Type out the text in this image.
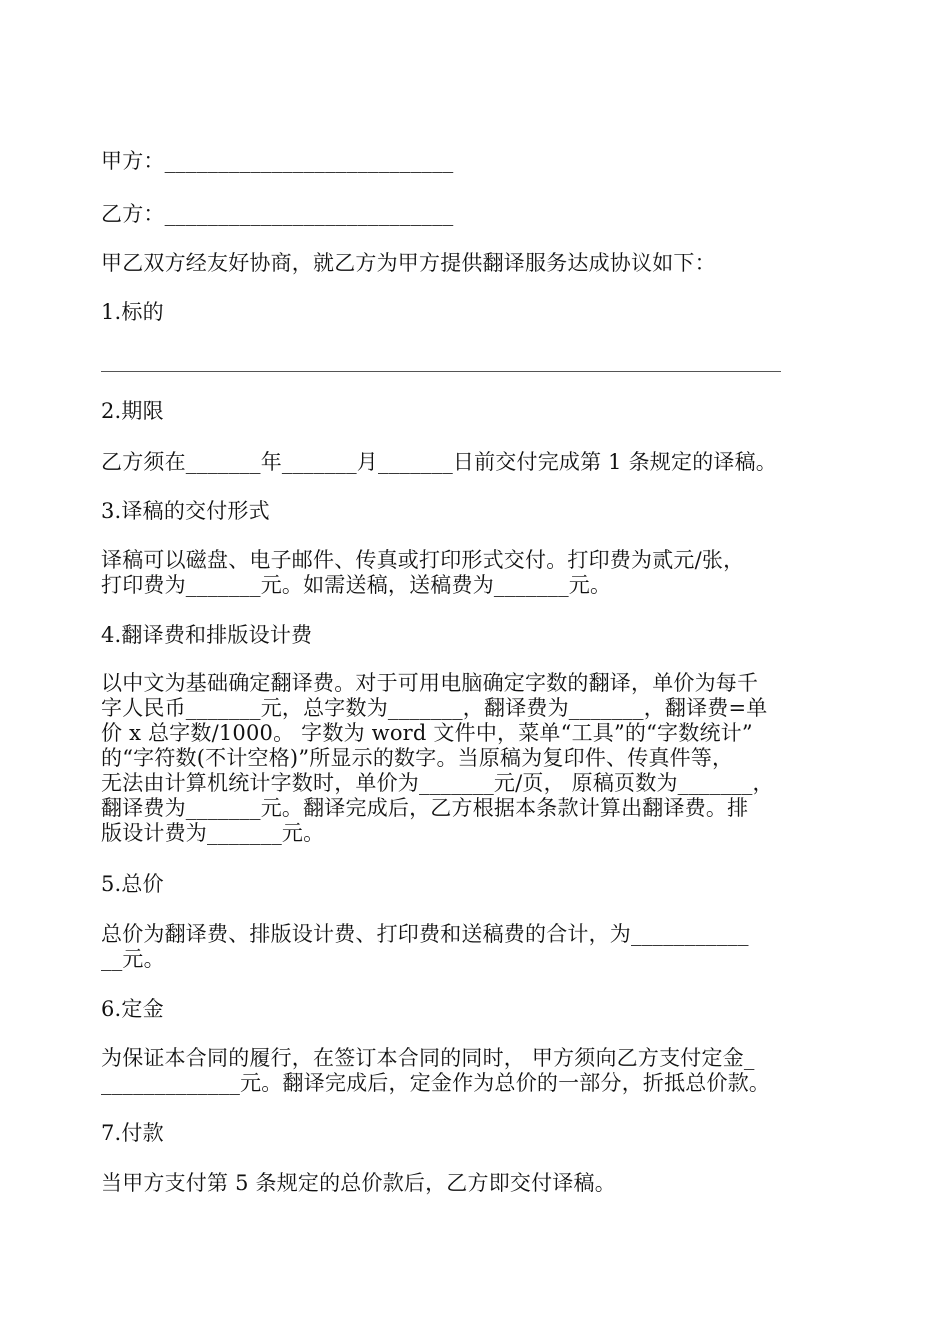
甲方：___________________________
乙方：___________________________
甲乙双方经友好协商，就乙方为甲方提供翻译服务达成协议如下：
1.标的
2.期限
乙方须在_______年_______月_______日前交付完成第 1 条规定的译稿。
3.译稿的交付形式
译稿可以磁盘、电子邮件、传真或打印形式交付。打印费为贰元/张，
打印费为_______元。如需送稿，送稿费为_______元。
4.翻译费和排版设计费
以中文为基础确定翻译费。对于可用电脑确定字数的翻译，单价为每千
字人民币_______元，总字数为_______，翻译费为_______，翻译费=单
价 x 总字数/1000。 字数为 word 文件中，菜单“工具”的“字数统计”
的“字符数(不计空格)”所显示的数字。当原稿为复印件、传真件等，
无法由计算机统计字数时，单价为_______元/页， 原稿页数为_______，
翻译费为_______元。翻译完成后，乙方根据本条款计算出翻译费。排
版设计费为_______元。
5.总价
总价为翻译费、排版设计费、打印费和送稿费的合计，为___________
__元。
6.定金
为保证本合同的履行，在签订本合同的同时， 甲方须向乙方支付定金_
_____________元。翻译完成后，定金作为总价的一部分，折抵总价款。
7.付款
当甲方支付第 5 条规定的总价款后，乙方即交付译稿。
